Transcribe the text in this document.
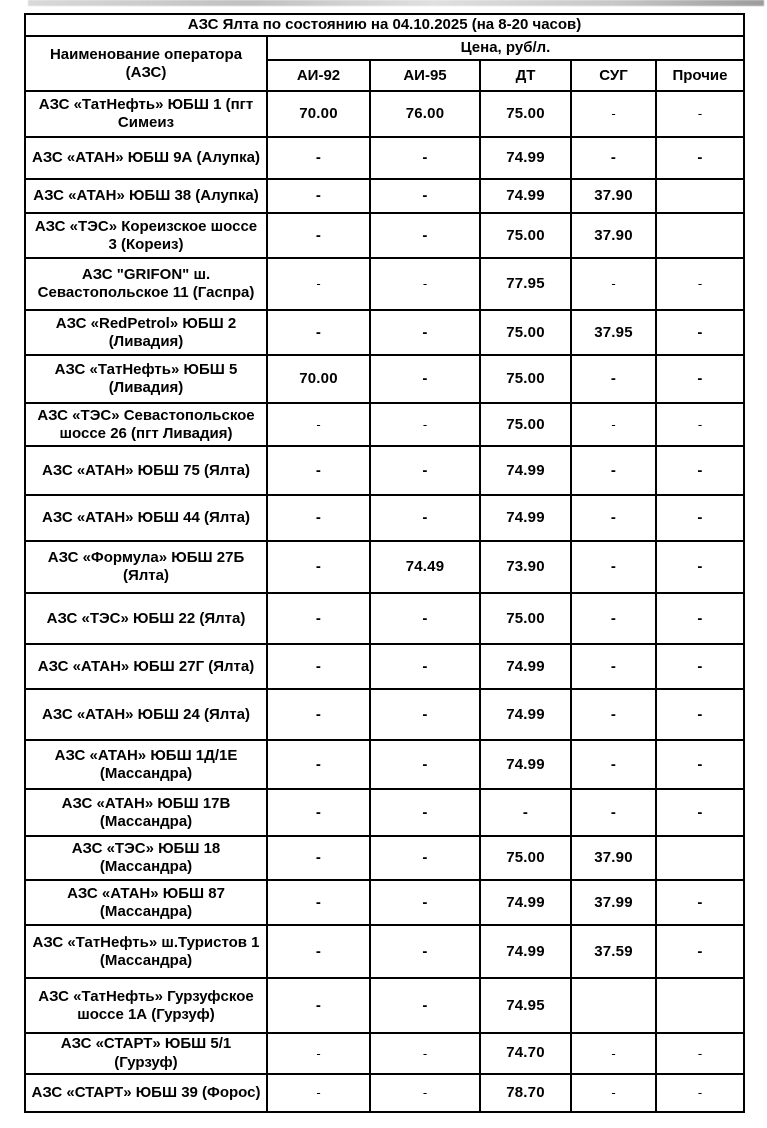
АЗС Ялта по состоянию на 04.10.2025 (на 8-20 часов)					
Наименование оператора (АЗС)	Цена, руб/л.				
	АИ-92	АИ-95	ДТ	СУГ	Прочие
АЗС «ТатНефть» ЮБШ 1 (пгт Симеиз	70.00	76.00	75.00	-	-
АЗС «АТАН» ЮБШ 9А (Алупка)	-	-	74.99	-	-
АЗС «АТАН» ЮБШ 38 (Алупка)	-	-	74.99	37.90	
АЗС «ТЭС» Кореизское шоссе 3 (Кореиз)	-	-	75.00	37.90	
АЗС "GRIFON" ш. Севастопольское 11 (Гаспра)	-	-	77.95	-	-
АЗС «RedPetrol» ЮБШ 2 (Ливадия)	-	-	75.00	37.95	-
АЗС «ТатНефть» ЮБШ 5 (Ливадия)	70.00	-	75.00	-	-
АЗС «ТЭС» Севастопольское шоссе 26 (пгт Ливадия)	-	-	75.00	-	-
АЗС «АТАН» ЮБШ 75 (Ялта)	-	-	74.99	-	-
АЗС «АТАН» ЮБШ 44 (Ялта)	-	-	74.99	-	-
АЗС «Формула» ЮБШ 27Б (Ялта)	-	74.49	73.90	-	-
АЗС «ТЭС» ЮБШ 22 (Ялта)	-	-	75.00	-	-
АЗС «АТАН» ЮБШ 27Г (Ялта)	-	-	74.99	-	-
АЗС «АТАН» ЮБШ 24 (Ялта)	-	-	74.99	-	-
АЗС «АТАН» ЮБШ 1Д/1Е (Массандра)	-	-	74.99	-	-
АЗС «АТАН» ЮБШ 17В (Массандра)	-	-	-	-	-
АЗС «ТЭС» ЮБШ 18 (Массандра)	-	-	75.00	37.90	
АЗС «АТАН» ЮБШ 87 (Массандра)	-	-	74.99	37.99	-
АЗС «ТатНефть» ш.Туристов 1 (Массандра)	-	-	74.99	37.59	-
АЗС «ТатНефть» Гурзуфское шоссе 1А (Гурзуф)	-	-	74.95		
АЗС «СТАРТ» ЮБШ 5/1 (Гурзуф)	-	-	74.70	-	-
АЗС «СТАРТ» ЮБШ 39 (Форос)	-	-	78.70	-	-
